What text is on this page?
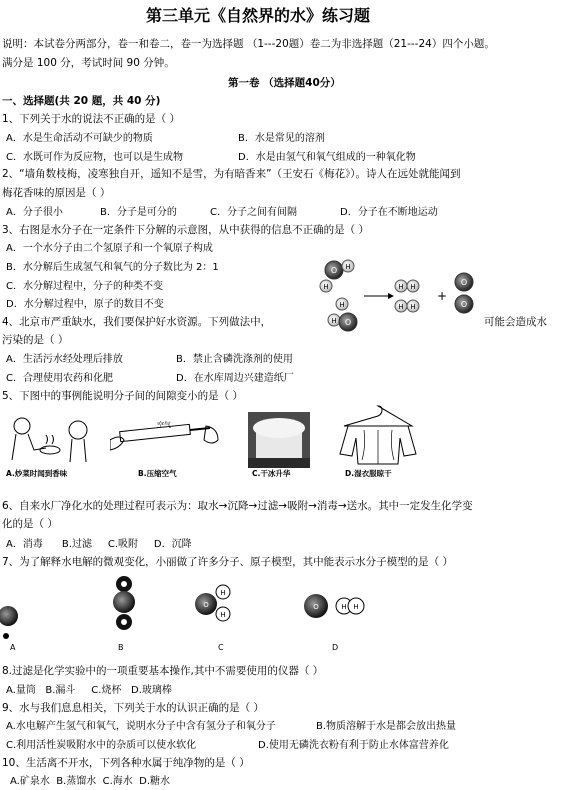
第三单元《自然界的水》练习题
说明：本试卷分两部分，卷一和卷二，卷一为选择题 （1---20题）卷二为非选择题（21---24）四个小题。
满分是 100 分，考试时间 90 分钟。
第一卷 （选择题40分）
一、选择题(共 20 题，共 40 分)
1、下列关于水的说法不正确的是（ ）
A．水是生命活动不可缺少的物质	B．水是常见的溶剂
C．水既可作为反应物，也可以是生成物	D．水是由氢气和氧气组成的一种氧化物
2、“墙角数枝梅，凌寒独自开，遥知不是雪，为有暗香来”（王安石《梅花》）。诗人在远处就能闻到
梅花香味的原因是（ ）
A．分子很小	B．分子是可分的	C．分子之间有间隔	D．分子在不断地运动
3、右图是水分子在一定条件下分解的示意图，从中获得的信息不正确的是（ ）
A．一个水分子由二个氢原子和一个氧原子构成
B．水分解后生成氢气和氧气的分子数比为 2：1
C．水分解过程中，分子的种类不变
D．水分解过程中，原子的数目不变
O H
H
H
H O
H H
H H
+
O
O
4、北京市严重缺水，我们要保护好水资源。下列做法中，	可能会造成水
污染的是（ ）
A．生活污水经处理后排放	B．禁止含磷洗涤剂的使用
C．合理使用农药和化肥	D．在水库周边兴建造纸厂
5、下图中的事例能说明分子间的间隙变小的是（ ）
A.炒菜时闻到香味
空气
B.压缩空气	C.干冰升华	D.湿衣服晾干
6、自来水厂净化水的处理过程可表示为：取水→沉降→过滤→吸附→消毒→送水。其中一定发生化学变
化的是（ ）
A．消毒      B.过滤     C.吸附     D．沉降
7、为了解释水电解的微观变化，小丽做了许多分子、原子模型，其中能表示水分子模型的是（ ）
O
H
H
O	H H
A	B	C	D
8.过滤是化学实验中的一项重要基本操作,其中不需要使用的仪器（ ）
A.量筒   B.漏斗     C.烧杯   D.玻璃棒
9、水与我们息息相关，下列关于水的认识正确的是（ ）
A.水电解产生氢气和氧气，说明水分子中含有氢分子和氧分子	B.物质溶解于水是都会放出热量
C.利用活性炭吸附水中的杂质可以使水软化	D.使用无磷洗衣粉有利于防止水体富营养化
10、生活离不开水，下列各种水属于纯净物的是（ ）
A.矿泉水  B.蒸馏水  C.海水  D.糖水
